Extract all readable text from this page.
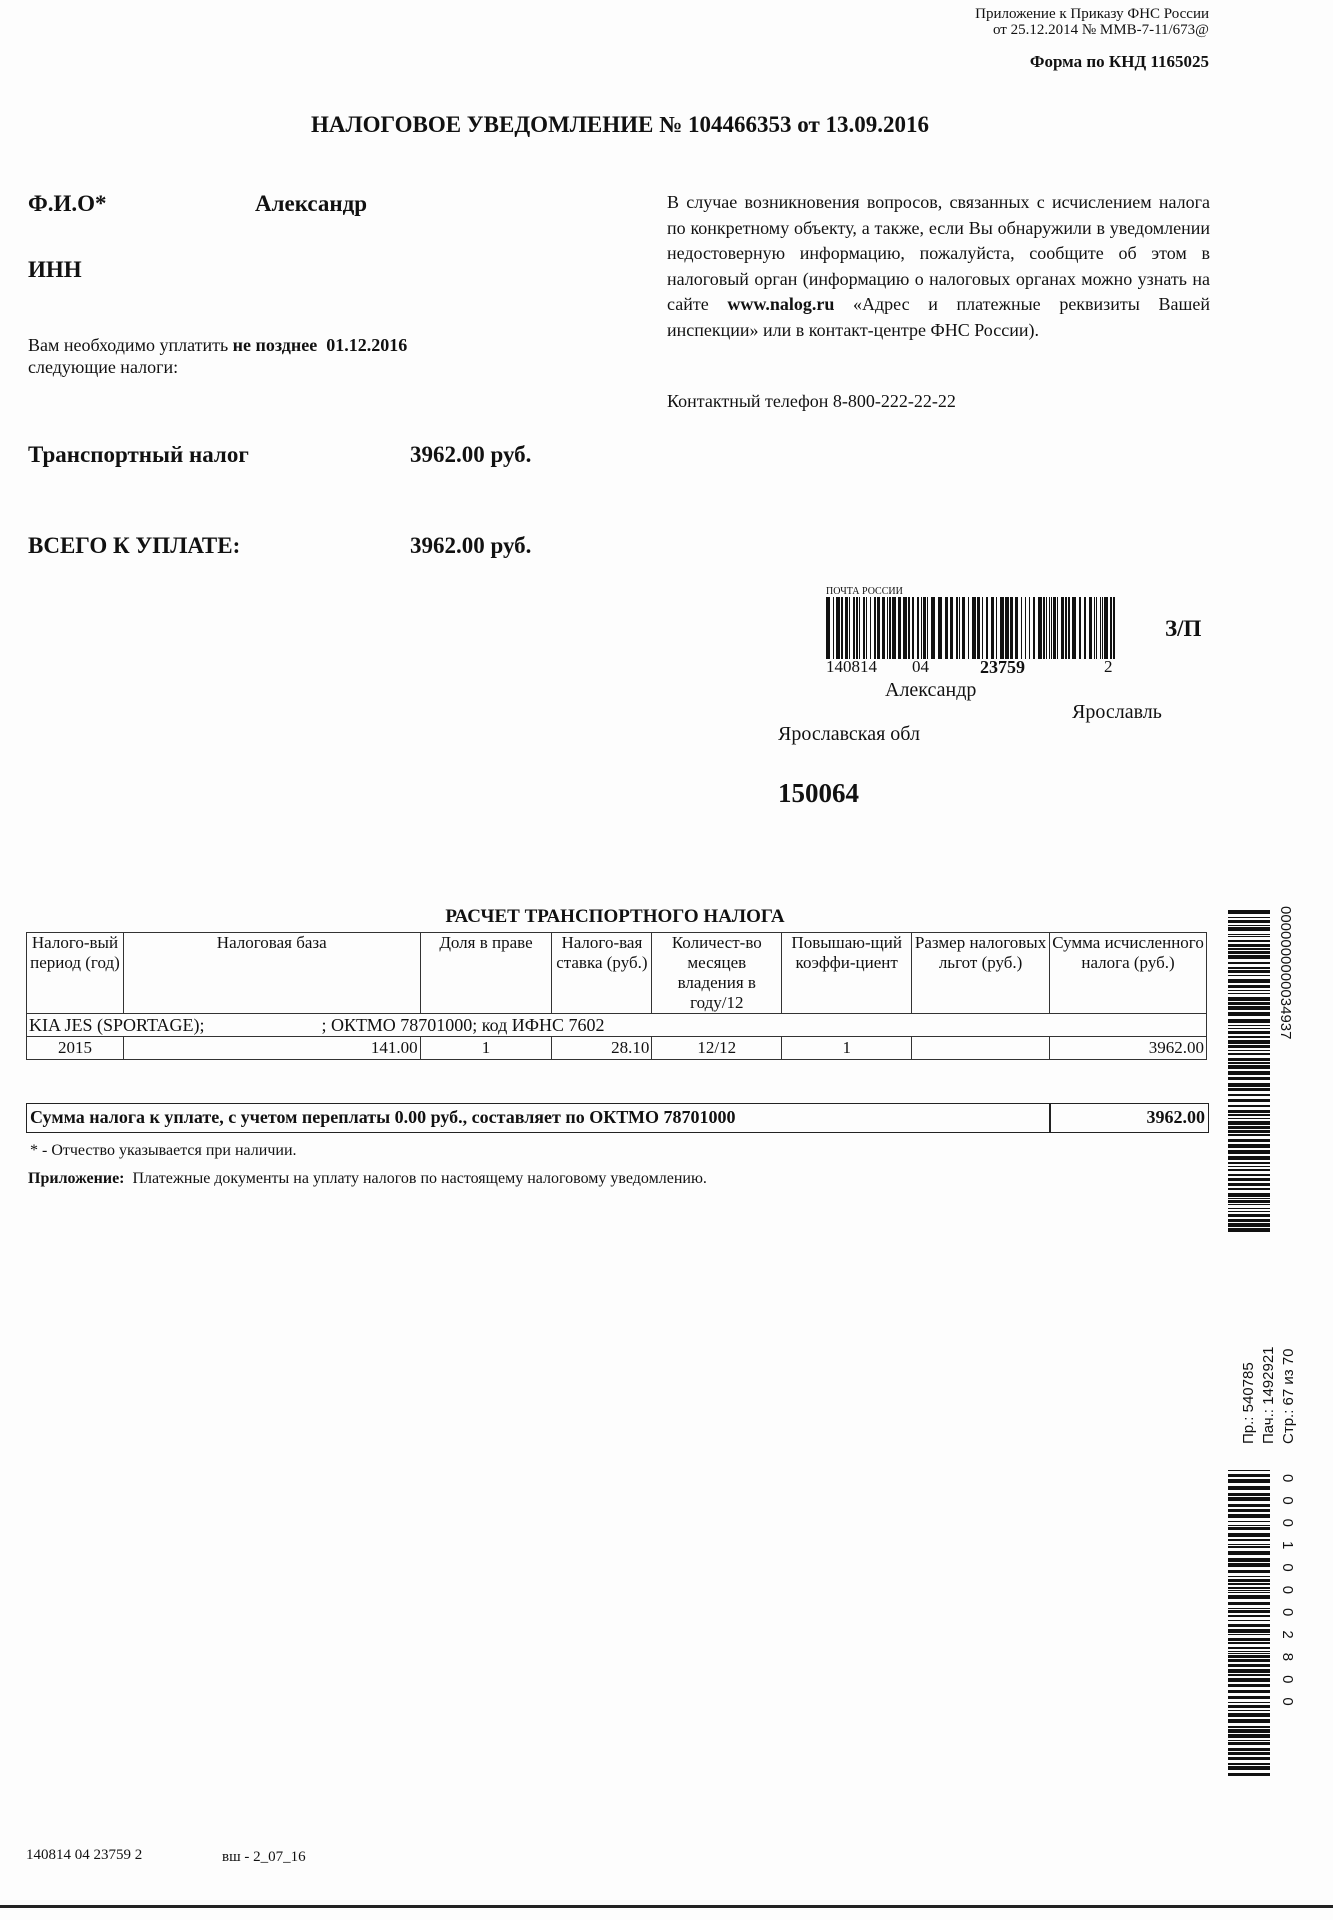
Приложение к Приказу ФНС России
от 25.12.2014 № ММВ-7-11/673@
Форма по КНД 1165025
НАЛОГОВОЕ УВЕДОМЛЕНИЕ № 104466353 от 13.09.2016
Ф.И.О*	Александр
ИНН
Вам необходимо уплатить не позднее 01.12.2016
следующие налоги:
В случае возникновения вопросов, связанных с исчислением налога по конкретному объекту, а также, если Вы обнаружили в уведомлении недостоверную информацию, пожалуйста, сообщите об этом в налоговый орган (информацию о налоговых органах можно узнать на сайте www.nalog.ru «Адрес и платежные реквизиты Вашей инспекции» или в контакт-центре ФНС России).
Контактный телефон 8-800-222-22-22
Транспортный налог	3962.00 руб.
ВСЕГО К УПЛАТЕ:	3962.00 руб.
ПОЧТА РОССИИ
140814 04	23759	2
З/П
Александр
Ярославль
Ярославская обл
150064
РАСЧЕТ ТРАНСПОРТНОГО НАЛОГА
Налого-вый период (год)	Налоговая база	Доля в праве	Налого-вая ставка (руб.)	Количест-во месяцев владения в году/12	Повышаю-щий коэффи-циент	Размер налоговых льгот (руб.)	Сумма исчисленного налога (руб.)
KIA JES (SPORTAGE);                          ; ОКТМО 78701000; код ИФНС 7602							
2015	141.00	1	28.10	12/12	1		3962.00
Сумма налога к уплате, с учетом переплаты 0.00 руб., составляет по ОКТМО 78701000	3962.00
* - Отчество указывается при наличии.
Приложение: Платежные документы на уплату налогов по настоящему налоговому уведомлению.
0000000000034937
Пр.: 540785 Пач.: 1492921 Стр.: 67 из 70
00010002800
140814 04 23759 2	вш - 2_07_16
